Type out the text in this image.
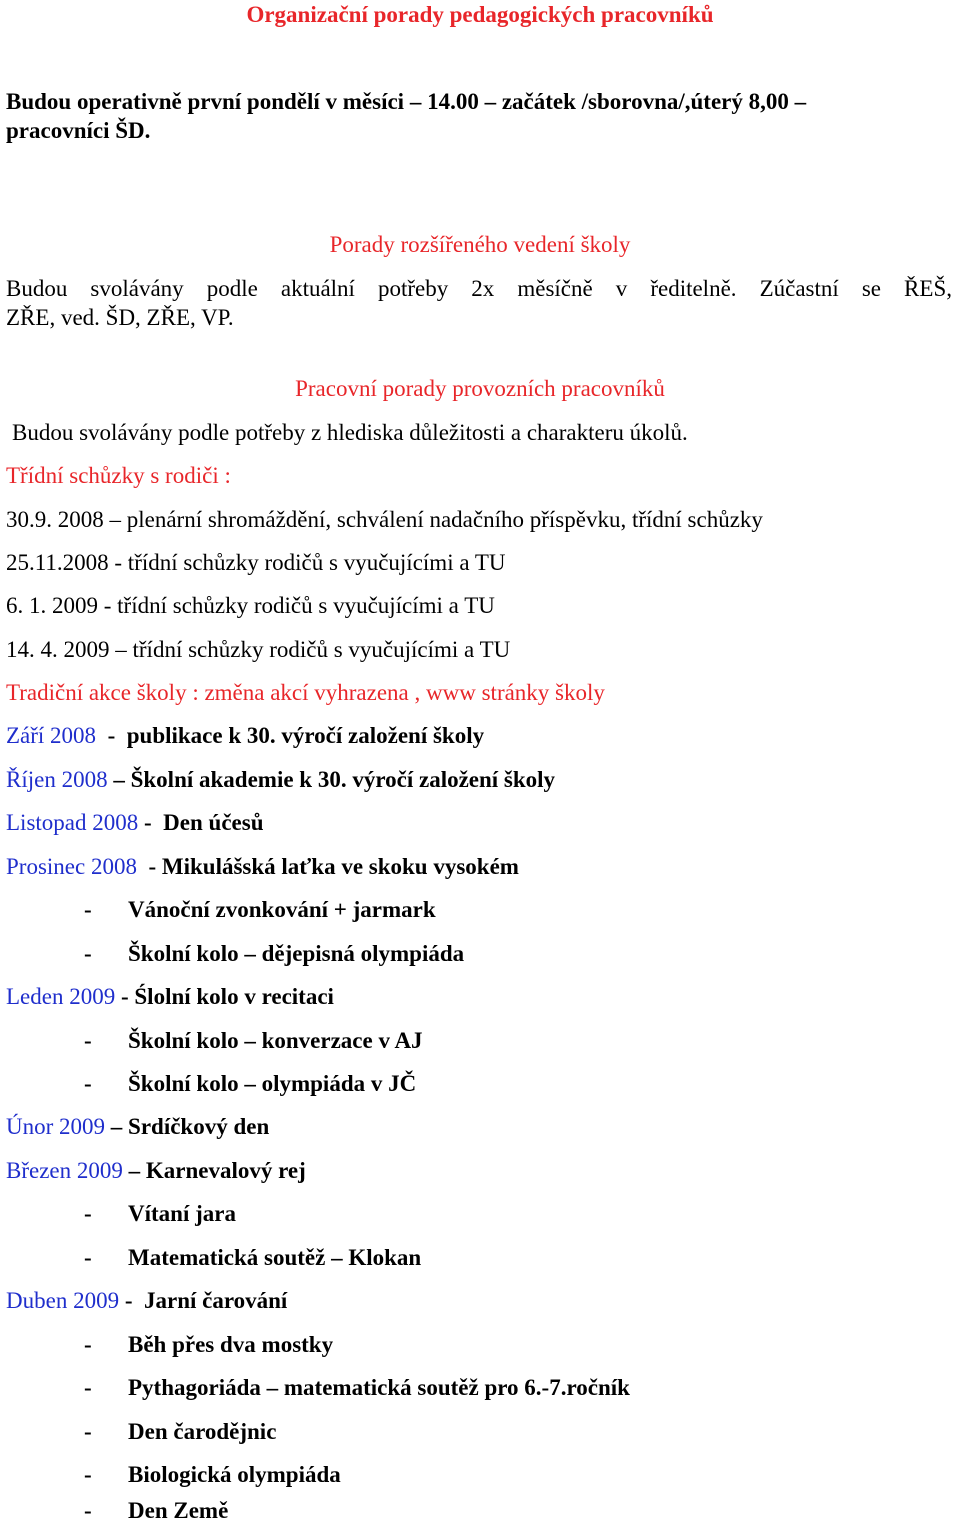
Organizační porady pedagogických pracovníků
Budou operativně první pondělí v měsíci – 14.00 – začátek /sborovna/,úterý 8,00 –
pracovníci ŠD.
Porady rozšířeného vedení školy
Budou svolávány podle aktuální potřeby 2x měsíčně v ředitelně. Zúčastní se ŘEŠ,
ZŘE, ved. ŠD, ZŘE, VP.
Pracovní porady provozních pracovníků
Budou svolávány podle potřeby z hlediska důležitosti a charakteru úkolů.
Třídní schůzky s rodiči :
30.9. 2008 – plenární shromáždění, schválení nadačního příspěvku, třídní schůzky
25.11.2008 - třídní schůzky rodičů s vyučujícími a TU
6. 1. 2009 - třídní schůzky rodičů s vyučujícími a TU
14. 4. 2009 – třídní schůzky rodičů s vyučujícími a TU
Tradiční akce školy : změna akcí vyhrazena , www stránky školy
Září 2008  -  publikace k 30. výročí založení školy
Říjen 2008 – Školní akademie k 30. výročí založení školy
Listopad 2008 -  Den účesů
Prosinec 2008  - Mikulášská laťka ve skoku vysokém
- Vánoční zvonkování + jarmark
- Školní kolo – dějepisná olympiáda
Leden 2009 - Ślolní kolo v recitaci
- Školní kolo – konverzace v AJ
- Školní kolo – olympiáda v JČ
Únor 2009 – Srdíčkový den
Březen 2009 – Karnevalový rej
- Vítaní jara
- Matematická soutěž – Klokan
Duben 2009 -  Jarní čarování
- Běh přes dva mostky
- Pythagoriáda – matematická soutěž pro 6.-7.ročník
- Den čarodějnic
- Biologická olympiáda
- Den Země
